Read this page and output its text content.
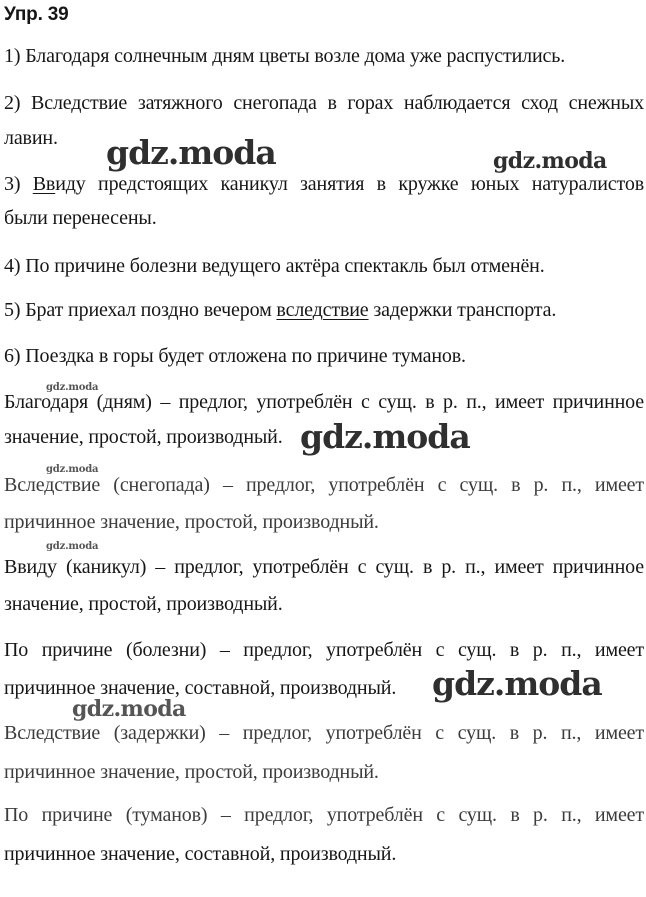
Упр. 39
1) Благодаря солнечным дням цветы возле дома уже распустились.
2) Вследствие затяжного снегопада в горах наблюдается сход снежных
лавин.
3) Ввиду предстоящих каникул занятия в кружке юных натуралистов
были перенесены.
4) По причине болезни ведущего актёра спектакль был отменён.
5) Брат приехал поздно вечером вследствие задержки транспорта.
6) Поездка в горы будет отложена по причине туманов.
Благодаря (дням) – предлог, употреблён с сущ. в р. п., имеет причинное
значение, простой, производный.
Вследствие (снегопада) – предлог, употреблён с сущ. в р. п., имеет
причинное значение, простой, производный.
Ввиду (каникул) – предлог, употреблён с сущ. в р. п., имеет причинное
значение, простой, производный.
По причине (болезни) – предлог, употреблён с сущ. в р. п., имеет
причинное значение, составной, производный.
Вследствие (задержки) – предлог, употреблён с сущ. в р. п., имеет
причинное значение, простой, производный.
По причине (туманов) – предлог, употреблён с сущ. в р. п., имеет
причинное значение, составной, производный.
gdz.moda	gdz.moda
gdz.moda
gdz.moda
gdz.moda
gdz.moda
gdz.moda
gdz.moda
